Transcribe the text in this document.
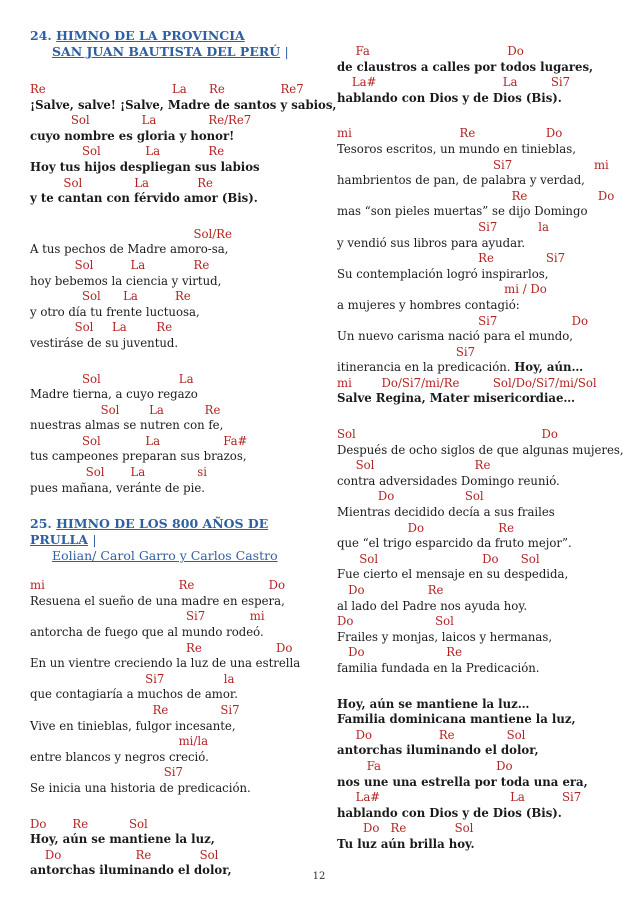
24. HIMNO DE LA PROVINCIA
SAN JUAN BAUTISTA DEL PERÚ |
Re                                  La      Re               Re7
¡Salve, salve! ¡Salve, Madre de santos y sabios,
Sol              La              Re/Re7
cuyo nombre es gloria y honor!
Sol            La             Re
Hoy tus hijos despliegan sus labios
Sol              La             Re
y te cantan con férvido amor (Bis).
Sol/Re
A tus pechos de Madre amoro-sa,
Sol          La             Re
hoy bebemos la ciencia y virtud,
Sol      La          Re
y otro día tu frente luctuosa,
Sol     La        Re
vestiráse de su juventud.
Sol                     La
Madre tierna, a cuyo regazo
Sol        La           Re
nuestras almas se nutren con fe,
Sol            La                 Fa#
tus campeones preparan sus brazos,
Sol       La              si
pues mañana, veránte de pie.
25. HIMNO DE LOS 800 AÑOS DE PRULLA |
Eolian/ Carol Garro y Carlos Castro
mi                                    Re                    Do
Resuena el sueño de una madre en espera,
Si7            mi
antorcha de fuego que al mundo rodeó.
Re                    Do
En un vientre creciendo la luz de una estrella
Si7                la
que contagiaría a muchos de amor.
Re              Si7
Vive en tinieblas, fulgor incesante,
mi/la
entre blancos y negros creció.
Si7
Se inicia una historia de predicación.
Do       Re           Sol
Hoy, aún se mantiene la luz,
Do                    Re             Sol
antorchas iluminando el dolor,
Fa                                     Do
de claustros a calles por todos lugares,
La#                                  La         Si7
hablando con Dios y de Dios (Bis).
mi                             Re                   Do
Tesoros escritos, un mundo en tinieblas,
Si7                      mi
hambrientos de pan, de palabra y verdad,
Re                   Do
mas “son pieles muertas” se dijo Domingo
Si7           la
y vendió sus libros para ayudar.
Re              Si7
Su contemplación logró inspirarlos,
mi / Do
a mujeres y hombres contagió:
Si7                    Do
Un nuevo carisma nació para el mundo,
Si7
itinerancia en la predicación. Hoy, aún…
mi        Do/Si7/mi/Re         Sol/Do/Si7/mi/Sol
Salve Regina, Mater misericordiae…
Sol                                                  Do
Después de ocho siglos de que algunas mujeres,
Sol                           Re
contra adversidades Domingo reunió.
Do                   Sol
Mientras decidido decía a sus frailes
Do                    Re
que “el trigo esparcido da fruto mejor”.
Sol                            Do      Sol
Fue cierto el mensaje en su despedida,
Do                 Re
al lado del Padre nos ayuda hoy.
Do                      Sol
Frailes y monjas, laicos y hermanas,
Do                      Re
familia fundada en la Predicación.
Hoy, aún se mantiene la luz…
Familia dominicana mantiene la luz,
Do                  Re              Sol
antorchas iluminando el dolor,
Fa                               Do
nos une una estrella por toda una era,
La#                                   La          Si7
hablando con Dios y de Dios (Bis).
Do   Re             Sol
Tu luz aún brilla hoy.
12
